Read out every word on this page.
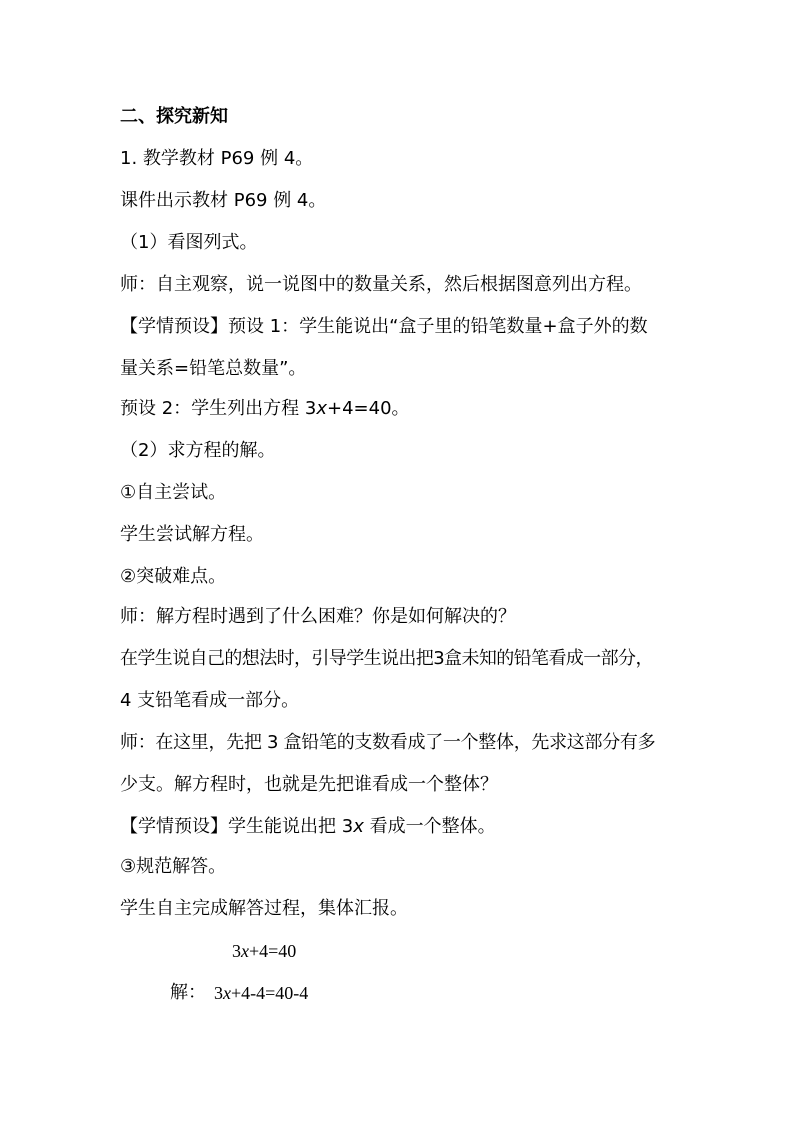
二、探究新知
1. 教学教材 P69 例 4。
课件出示教材 P69 例 4。
（1）看图列式。
师：自主观察，说一说图中的数量关系，然后根据图意列出方程。
【学情预设】预设 1：学生能说出“盒子里的铅笔数量+盒子外的数
量关系=铅笔总数量”。
预设 2：学生列出方程 3x+4=40。
（2）求方程的解。
①自主尝试。
学生尝试解方程。
②突破难点。
师：解方程时遇到了什么困难？你是如何解决的？
在学生说自己的想法时，引导学生说出把3盒未知的铅笔看成一部分，
4 支铅笔看成一部分。
师：在这里，先把 3 盒铅笔的支数看成了一个整体，先求这部分有多
少支。解方程时，也就是先把谁看成一个整体？
【学情预设】学生能说出把 3x 看成一个整体。
③规范解答。
学生自主完成解答过程，集体汇报。
3x+4=40
解： 3x+4-4=40-4
